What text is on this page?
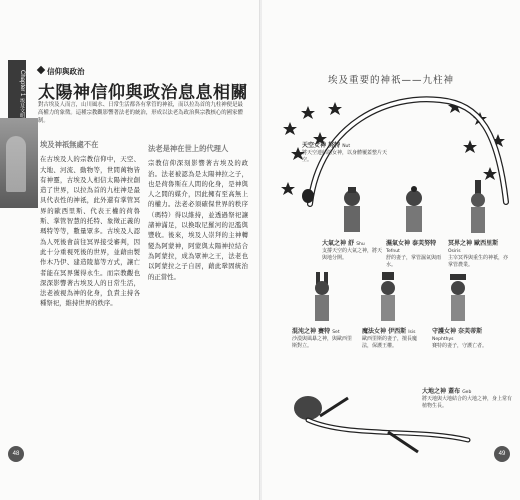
Chapter 1 埃及文明
信仰與政治
太陽神信仰與政治息息相關
對古埃及人而言，山川風水、日常生活都各有掌管的神祇，而以拉為首的九柱神便是最高權力的象徵。這種宗教觀影響著法老的統治，形成以法老為政治與宗教核心的國家體制。
埃及神祇無處不在

在古埃及人的宗教信仰中，天空、大地、河流、動物等，世間萬物皆有神靈，古埃及人相信太陽神拉創造了世界，以拉為首的九柱神是最具代表性的神祇，此外還有掌管冥界的歐西里斯、代表王權的荷魯斯、掌管智慧的托特、象徵正義的瑪特等等，數量眾多。古埃及人認為人死後會前往冥界接受審判，因此十分重視死後的世界，並藉由製作木乃伊、建造陵墓等方式，讓亡者能在冥界獲得永生。而宗教觀也深深影響著古埃及人的日常生活，法老被視為神的化身，負責主持各種祭祀，維持世界的秩序。

法老是神在世上的代理人

宗教信仰深刻影響著古埃及的政治。法老被認為是太陽神拉之子，也是荷魯斯在人間的化身，是神與人之間的媒介，因此擁有至高無上的權力。法老必須確保世界的秩序（瑪特）得以維持，並透過祭祀讓諸神滿足，以換取尼羅河的氾濫與豐收。後來，埃及人崇拜的主神轉變為阿蒙神，阿蒙與太陽神拉結合為阿蒙拉，成為眾神之王，法老也以阿蒙拉之子自居，藉此鞏固統治的正當性。

48
埃及重要的神祇——九柱神
天空女神 努特 Nut
將天空連結的女神，以身體覆蓋整片天空。
大氣之神 舒 Shu
支撐天空的大氣之神，將天與地分開。
濕氣女神 泰芙努特 Tefnut
舒的妻子，掌管濕氣與雨水。
冥界之神 歐西里斯 Osiris
主宰冥界與重生的神祇，亦掌管農業。
混沌之神 賽特 Set
沙漠與風暴之神，與歐西里斯對立。
魔法女神 伊西斯 Isis
歐西里斯的妻子，擅長魔法，保護王權。
守護女神 奈芙蒂斯 Nephthys
賽特的妻子，守護亡者。
大地之神 蓋布 Geb
將天地與大地結合的大地之神，身上常有植物生長。
49
